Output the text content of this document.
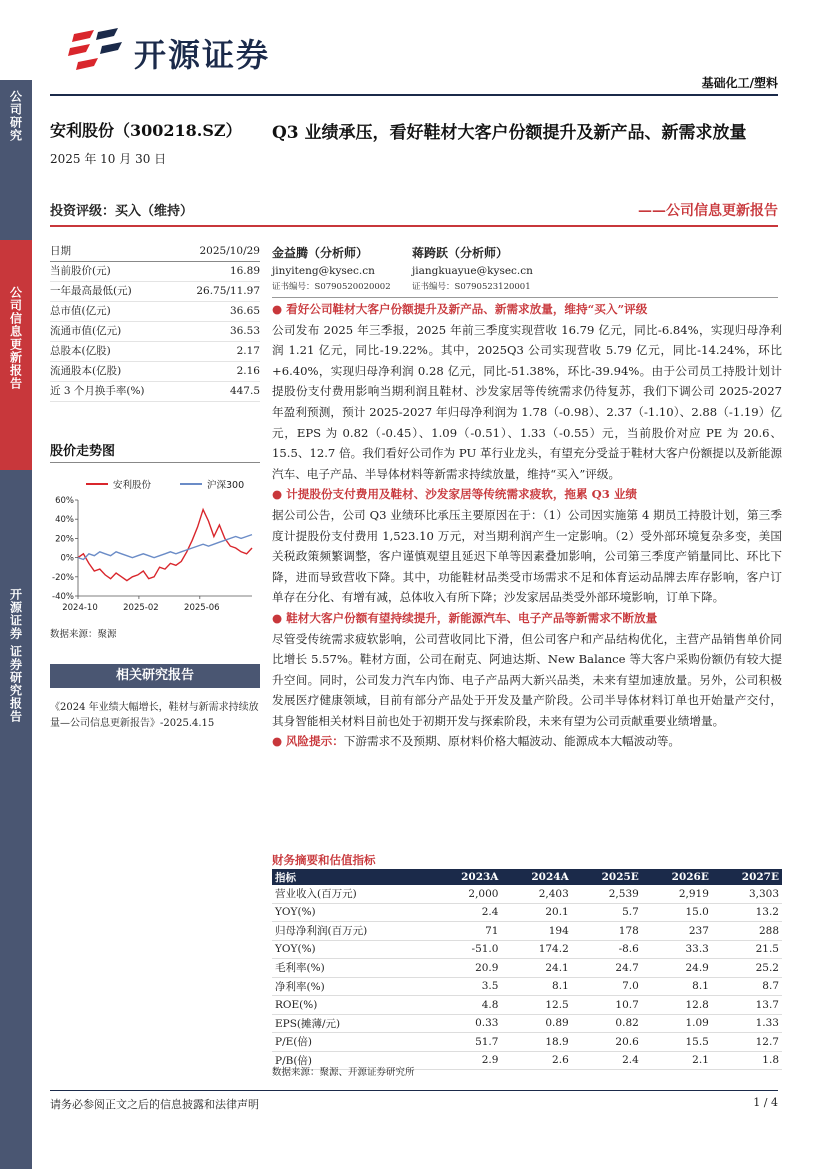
开源证券
基础化工/塑料
公司研究
公司信息更新报告
开源证券 证券研究报告
安利股份（300218.SZ）
2025 年 10 月 30 日
Q3 业绩承压，看好鞋材大客户份额提升及新产品、新需求放量
投资评级：买入（维持）	——公司信息更新报告
日期	2025/10/29
当前股价(元)	16.89
一年最高最低(元)	26.75/11.97
总市值(亿元)	36.65
流通市值(亿元)	36.53
总股本(亿股)	2.17
流通股本(亿股)	2.16
近 3 个月换手率(%)	447.5
股价走势图
安利股份	沪深300
60%
40%
20%
0%
-20%
-40%
2024-10	2025-02	2025-06
数据来源：聚源
相关研究报告
《2024 年业绩大幅增长，鞋材与新需求持续放量—公司信息更新报告》-2025.4.15
金益腾（分析师）
jinyiteng@kysec.cn
证书编号：S0790520020002
蒋跨跃（分析师）
jiangkuayue@kysec.cn
证书编号：S0790523120001

● 看好公司鞋材大客户份额提升及新产品、新需求放量，维持“买入”评级

公司发布 2025 年三季报，2025 年前三季度实现营收 16.79 亿元，同比-6.84%，实现归母净利润 1.21 亿元，同比-19.22%。其中，2025Q3 公司实现营收 5.79 亿元，同比-14.24%，环比+6.40%，实现归母净利润 0.28 亿元，同比-51.38%，环比-39.94%。由于公司员工持股计划计提股份支付费用影响当期利润且鞋材、沙发家居等传统需求仍待复苏，我们下调公司 2025-2027 年盈利预测，预计 2025-2027 年归母净利润为 1.78（-0.98）、2.37（-1.10）、2.88（-1.19）亿元，EPS 为 0.82（-0.45）、1.09（-0.51）、1.33（-0.55）元，当前股价对应 PE 为 20.6、15.5、12.7 倍。我们看好公司作为 PU 革行业龙头，有望充分受益于鞋材大客户份额提以及新能源汽车、电子产品、半导体材料等新需求持续放量，维持“买入”评级。

● 计提股份支付费用及鞋材、沙发家居等传统需求疲软，拖累 Q3 业绩

据公司公告，公司 Q3 业绩环比承压主要原因在于：（1）公司因实施第 4 期员工持股计划，第三季度计提股份支付费用 1,523.10 万元，对当期利润产生一定影响。（2）受外部环境复杂多变，美国关税政策频繁调整，客户谨慎观望且延迟下单等因素叠加影响，公司第三季度产销量同比、环比下降，进而导致营收下降。其中，功能鞋材品类受市场需求不足和体育运动品牌去库存影响，客户订单存在分化、有增有减，总体收入有所下降；沙发家居品类受外部环境影响，订单下降。

● 鞋材大客户份额有望持续提升，新能源汽车、电子产品等新需求不断放量

尽管受传统需求疲软影响，公司营收同比下滑，但公司客户和产品结构优化，主营产品销售单价同比增长 5.57%。鞋材方面，公司在耐克、阿迪达斯、New Balance 等大客户采购份额仍有较大提升空间。同时，公司发力汽车内饰、电子产品两大新兴品类，未来有望加速放量。另外，公司积极发展医疗健康领域，目前有部分产品处于开发及量产阶段。公司半导体材料订单也开始量产交付，其身智能相关材料目前也处于初期开发与探索阶段，未来有望为公司贡献重要业绩增量。

● 风险提示：下游需求不及预期、原材料价格大幅波动、能源成本大幅波动等。

财务摘要和估值指标
指标	2023A	2024A	2025E	2026E	2027E
营业收入(百万元)	2,000	2,403	2,539	2,919	3,303
YOY(%)	2.4	20.1	5.7	15.0	13.2
归母净利润(百万元)	71	194	178	237	288
YOY(%)	-51.0	174.2	-8.6	33.3	21.5
毛利率(%)	20.9	24.1	24.7	24.9	25.2
净利率(%)	3.5	8.1	7.0	8.1	8.7
ROE(%)	4.8	12.5	10.7	12.8	13.7
EPS(摊薄/元)	0.33	0.89	0.82	1.09	1.33
P/E(倍)	51.7	18.9	20.6	15.5	12.7
P/B(倍)	2.9	2.6	2.4	2.1	1.8
数据来源：聚源、开源证券研究所
请务必参阅正文之后的信息披露和法律声明	1 / 4
